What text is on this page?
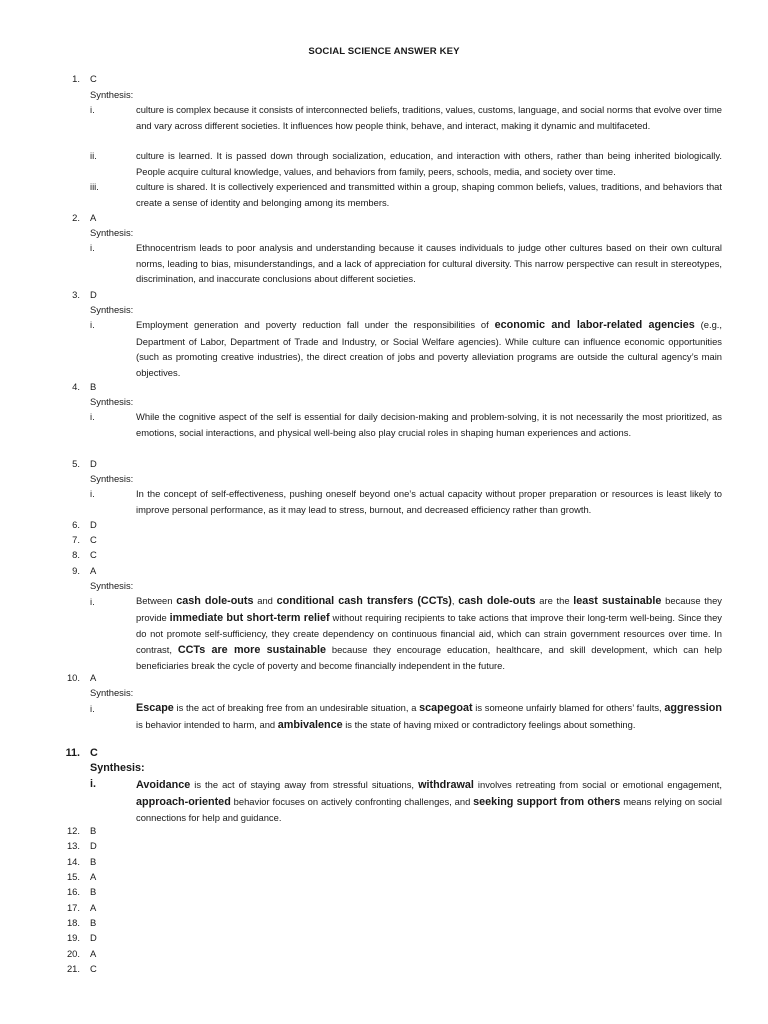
SOCIAL SCIENCE ANSWER KEY
1. C
Synthesis:
i.	culture is complex because it consists of interconnected beliefs, traditions, values, customs, language, and social norms that evolve over time and vary across different societies. It influences how people think, behave, and interact, making it dynamic and multifaceted.
ii.	culture is learned. It is passed down through socialization, education, and interaction with others, rather than being inherited biologically. People acquire cultural knowledge, values, and behaviors from family, peers, schools, media, and society over time.
iii.	culture is shared. It is collectively experienced and transmitted within a group, shaping common beliefs, values, traditions, and behaviors that create a sense of identity and belonging among its members.
2. A
Synthesis:
i.	Ethnocentrism leads to poor analysis and understanding because it causes individuals to judge other cultures based on their own cultural norms, leading to bias, misunderstandings, and a lack of appreciation for cultural diversity. This narrow perspective can result in stereotypes, discrimination, and inaccurate conclusions about different societies.
3. D
Synthesis:
i.	Employment generation and poverty reduction fall under the responsibilities of economic and labor-related agencies (e.g., Department of Labor, Department of Trade and Industry, or Social Welfare agencies). While culture can influence economic opportunities (such as promoting creative industries), the direct creation of jobs and poverty alleviation programs are outside the cultural agency’s main objectives.
4. B
Synthesis:
i.	While the cognitive aspect of the self is essential for daily decision-making and problem-solving, it is not necessarily the most prioritized, as emotions, social interactions, and physical well-being also play crucial roles in shaping human experiences and actions.
5. D
Synthesis:
i.	In the concept of self-effectiveness, pushing oneself beyond one’s actual capacity without proper preparation or resources is least likely to improve personal performance, as it may lead to stress, burnout, and decreased efficiency rather than growth.
6. D
7. C
8. C
9. A
Synthesis:
i.	Between cash dole-outs and conditional cash transfers (CCTs), cash dole-outs are the least sustainable because they provide immediate but short-term relief without requiring recipients to take actions that improve their long-term well-being. Since they do not promote self-sufficiency, they create dependency on continuous financial aid, which can strain government resources over time. In contrast, CCTs are more sustainable because they encourage education, healthcare, and skill development, which can help beneficiaries break the cycle of poverty and become financially independent in the future.
10. A
Synthesis:
i.	Escape is the act of breaking free from an undesirable situation, a scapegoat is someone unfairly blamed for others’ faults, aggression is behavior intended to harm, and ambivalence is the state of having mixed or contradictory feelings about something.
11. C
Synthesis:
i.	Avoidance is the act of staying away from stressful situations, withdrawal involves retreating from social or emotional engagement, approach-oriented behavior focuses on actively confronting challenges, and seeking support from others means relying on social connections for help and guidance.
12. B
13. D
14. B
15. A
16. B
17. A
18. B
19. D
20. A
21. C
